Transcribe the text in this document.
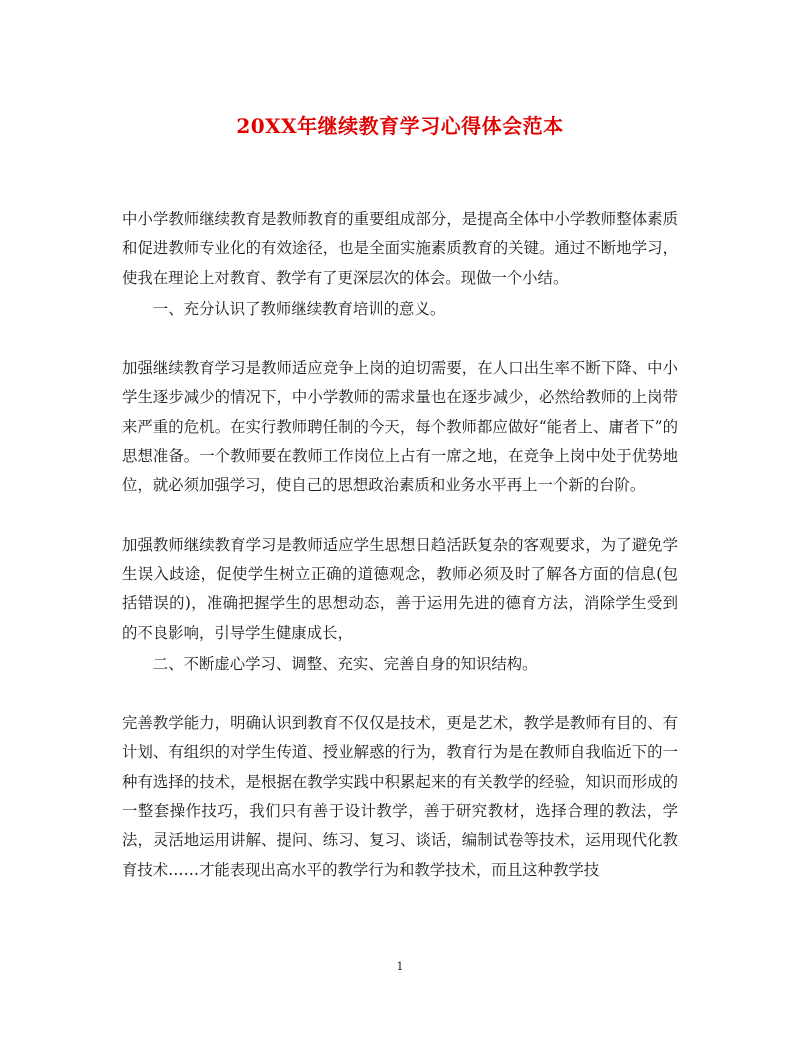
20XX年继续教育学习心得体会范本

中小学教师继续教育是教师教育的重要组成部分，是提高全体中小学教师整体素质和促进教师专业化的有效途径，也是全面实施素质教育的关键。通过不断地学习，使我在理论上对教育、教学有了更深层次的体会。现做一个小结。

一、充分认识了教师继续教育培训的意义。

加强继续教育学习是教师适应竞争上岗的迫切需要，在人口出生率不断下降、中小学生逐步减少的情况下，中小学教师的需求量也在逐步减少，必然给教师的上岗带来严重的危机。在实行教师聘任制的今天，每个教师都应做好“能者上、庸者下”的思想准备。一个教师要在教师工作岗位上占有一席之地，在竞争上岗中处于优势地位，就必须加强学习，使自己的思想政治素质和业务水平再上一个新的台阶。

加强教师继续教育学习是教师适应学生思想日趋活跃复杂的客观要求，为了避免学生误入歧途，促使学生树立正确的道德观念，教师必须及时了解各方面的信息(包括错误的)，准确把握学生的思想动态，善于运用先进的德育方法，消除学生受到的不良影响，引导学生健康成长，

二、不断虚心学习、调整、充实、完善自身的知识结构。

完善教学能力，明确认识到教育不仅仅是技术，更是艺术，教学是教师有目的、有计划、有组织的对学生传道、授业解惑的行为，教育行为是在教师自我临近下的一种有选择的技术，是根据在教学实践中积累起来的有关教学的经验，知识而形成的一整套操作技巧，我们只有善于设计教学，善于研究教材，选择合理的教法，学法，灵活地运用讲解、提问、练习、复习、谈话，编制试卷等技术，运用现代化教育技术……才能表现出高水平的教学行为和教学技术，而且这种教学技

1
